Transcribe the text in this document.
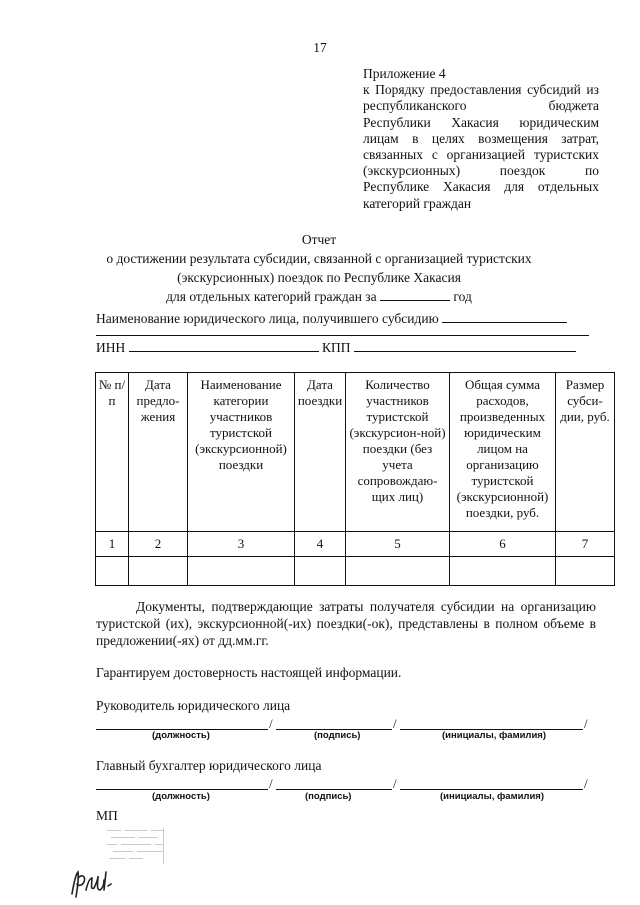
17
Приложение 4
к Порядку предоставления субсидий из
республиканского бюджета
Республики Хакасия юридическим
лицам в целях возмещения затрат,
связанных с организацией туристских
(экскурсионных) поездок по
Республике Хакасия для отдельных
категорий граждан
Отчет
о достижении результата субсидии, связанной с организацией туристских
(экскурсионных) поездок по Республике Хакасия
для отдельных категорий граждан за	год
Наименование юридического лица, получившего субсидию
ИНН	КПП
№ п/п	Дата предло-жения	Наименование категории участников туристской (экскурсионной) поездки	Дата поездки	Количество участников туристской (экскурсион-ной) поездки (без учета сопровождаю-щих лиц)	Общая сумма расходов, произведенных юридическим лицом на организацию туристской (экскурсионной) поездки, руб.	Размер субси-дии, руб.
1	2	3	4	5	6	7

Документы, подтверждающие затраты получателя субсидии на организацию туристской (их), экскурсионной(-их) поездки(-ок), представлены в полном объеме в предложении(-ях) от дд.мм.гг.
Гарантируем достоверность настоящей информации.
Руководитель юридического лица
/	/	/
(должность)	(подпись)	(инициалы, фамилия)
Главный бухгалтер юридического лица
/	/	/
(должность)	(подпись)	(инициалы, фамилия)
МП
